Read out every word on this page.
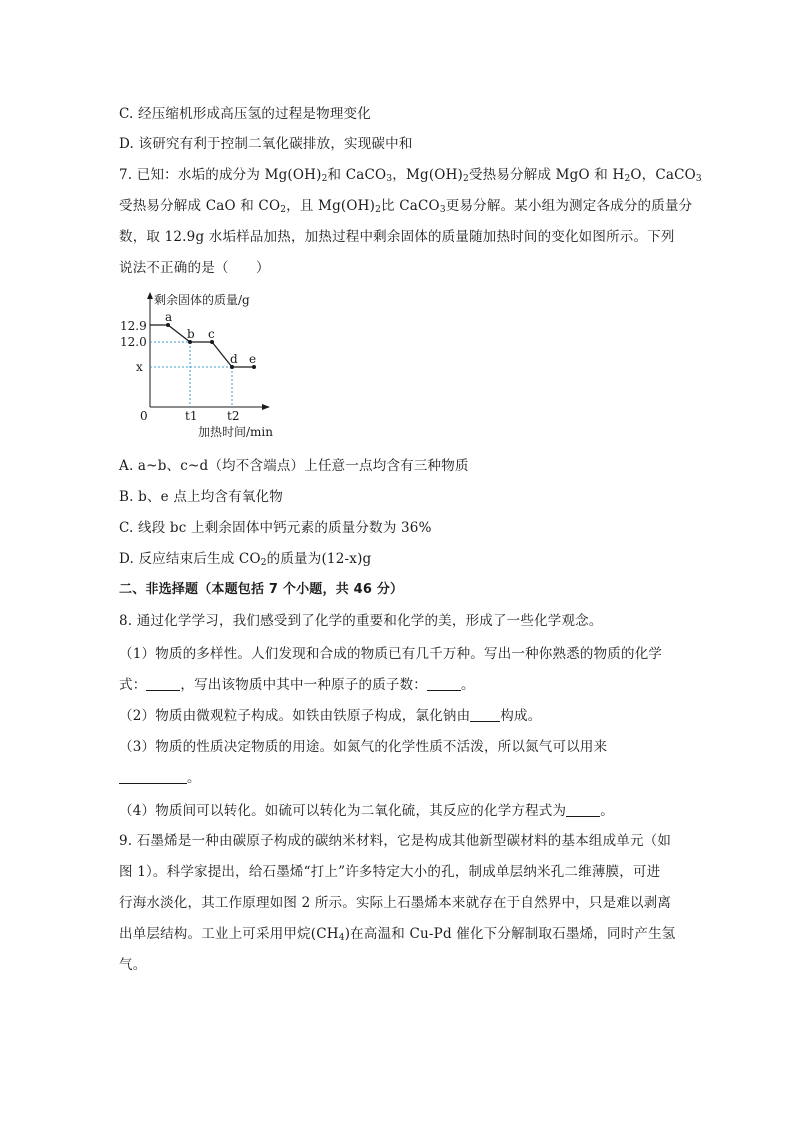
C. 经压缩机形成高压氢的过程是物理变化
D. 该研究有利于控制二氧化碳排放，实现碳中和
7. 已知：水垢的成分为 $Mg(OH)_2$和 CaCO$_3$，$Mg(OH)_2$受热易分解成 MgO 和 $H_2O$，CaCO$_3$
受热易分解成 CaO 和 $CO_2$，且 $Mg(OH)_2$比 CaCO$_3$更易分解。某小组为测定各成分的质量分
数，取 12.9g 水垢样品加热，加热过程中剩余固体的质量随加热时间的变化如图所示。下列
说法不正确的是（　　）
剩余固体的质量/g
加热时间/min
0
12.9
12.0
x
t1 t2
a
b c
d e
A. a~b、c~d（均不含端点）上任意一点均含有三种物质
B. b、e 点上均含有氧化物
C. 线段 bc 上剩余固体中钙元素的质量分数为 36%
D. 反应结束后生成 $CO_2$的质量为(12-x)g
二、非选择题（本题包括 7 个小题，共 46 分）
8. 通过化学学习，我们感受到了化学的重要和化学的美，形成了一些化学观念。
（1）物质的多样性。人们发现和合成的物质已有几千万种。写出一种你熟悉的物质的化学
式：	，写出该物质中其中一种原子的质子数：	。
（2）物质由微观粒子构成。如铁由铁原子构成，氯化钠由 构成。
（3）物质的性质决定物质的用途。如氮气的化学性质不活泼，所以氮气可以用来
。
（4）物质间可以转化。如硫可以转化为二氧化硫，其反应的化学方程式为	。
9. 石墨烯是一种由碳原子构成的碳纳米材料，它是构成其他新型碳材料的基本组成单元（如
图 1）。科学家提出，给石墨烯“打上”许多特定大小的孔，制成单层纳米孔二维薄膜，可进
行海水淡化，其工作原理如图 2 所示。实际上石墨烯本来就存在于自然界中，只是难以剥离
出单层结构。工业上可采用甲烷$(CH_4)$在高温和 Cu-Pd 催化下分解制取石墨烯，同时产生氢
气。
